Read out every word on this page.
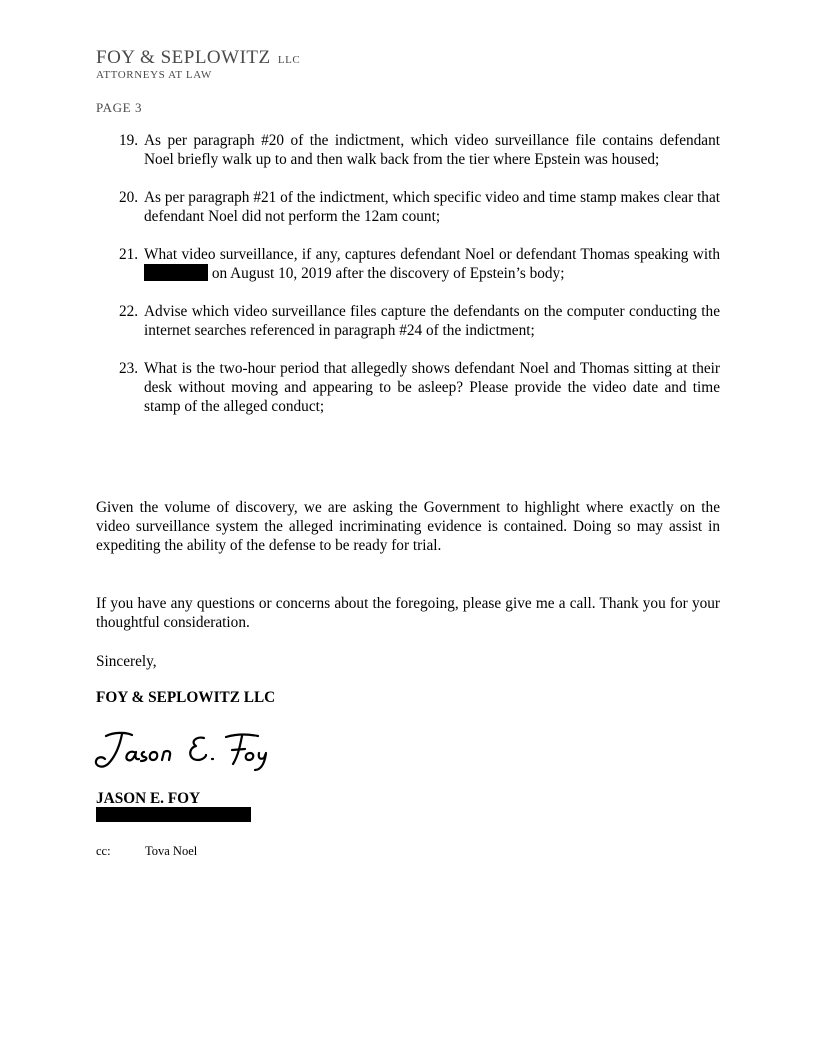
FOY & SEPLOWITZ LLC
ATTORNEYS AT LAW
PAGE 3
19. As per paragraph #20 of the indictment, which video surveillance file contains defendant Noel briefly walk up to and then walk back from the tier where Epstein was housed;
20. As per paragraph #21 of the indictment, which specific video and time stamp makes clear that defendant Noel did not perform the 12am count;
21. What video surveillance, if any, captures defendant Noel or defendant Thomas speaking with  on August 10, 2019 after the discovery of Epstein’s body;
22. Advise which video surveillance files capture the defendants on the computer conducting the internet searches referenced in paragraph #24 of the indictment;
23. What is the two-hour period that allegedly shows defendant Noel and Thomas sitting at their desk without moving and appearing to be asleep? Please provide the video date and time stamp of the alleged conduct;
Given the volume of discovery, we are asking the Government to highlight where exactly on the video surveillance system the alleged incriminating evidence is contained. Doing so may assist in expediting the ability of the defense to be ready for trial.
If you have any questions or concerns about the foregoing, please give me a call. Thank you for your thoughtful consideration.
Sincerely,
FOY & SEPLOWITZ LLC
JASON E. FOY
cc:	Tova Noel
